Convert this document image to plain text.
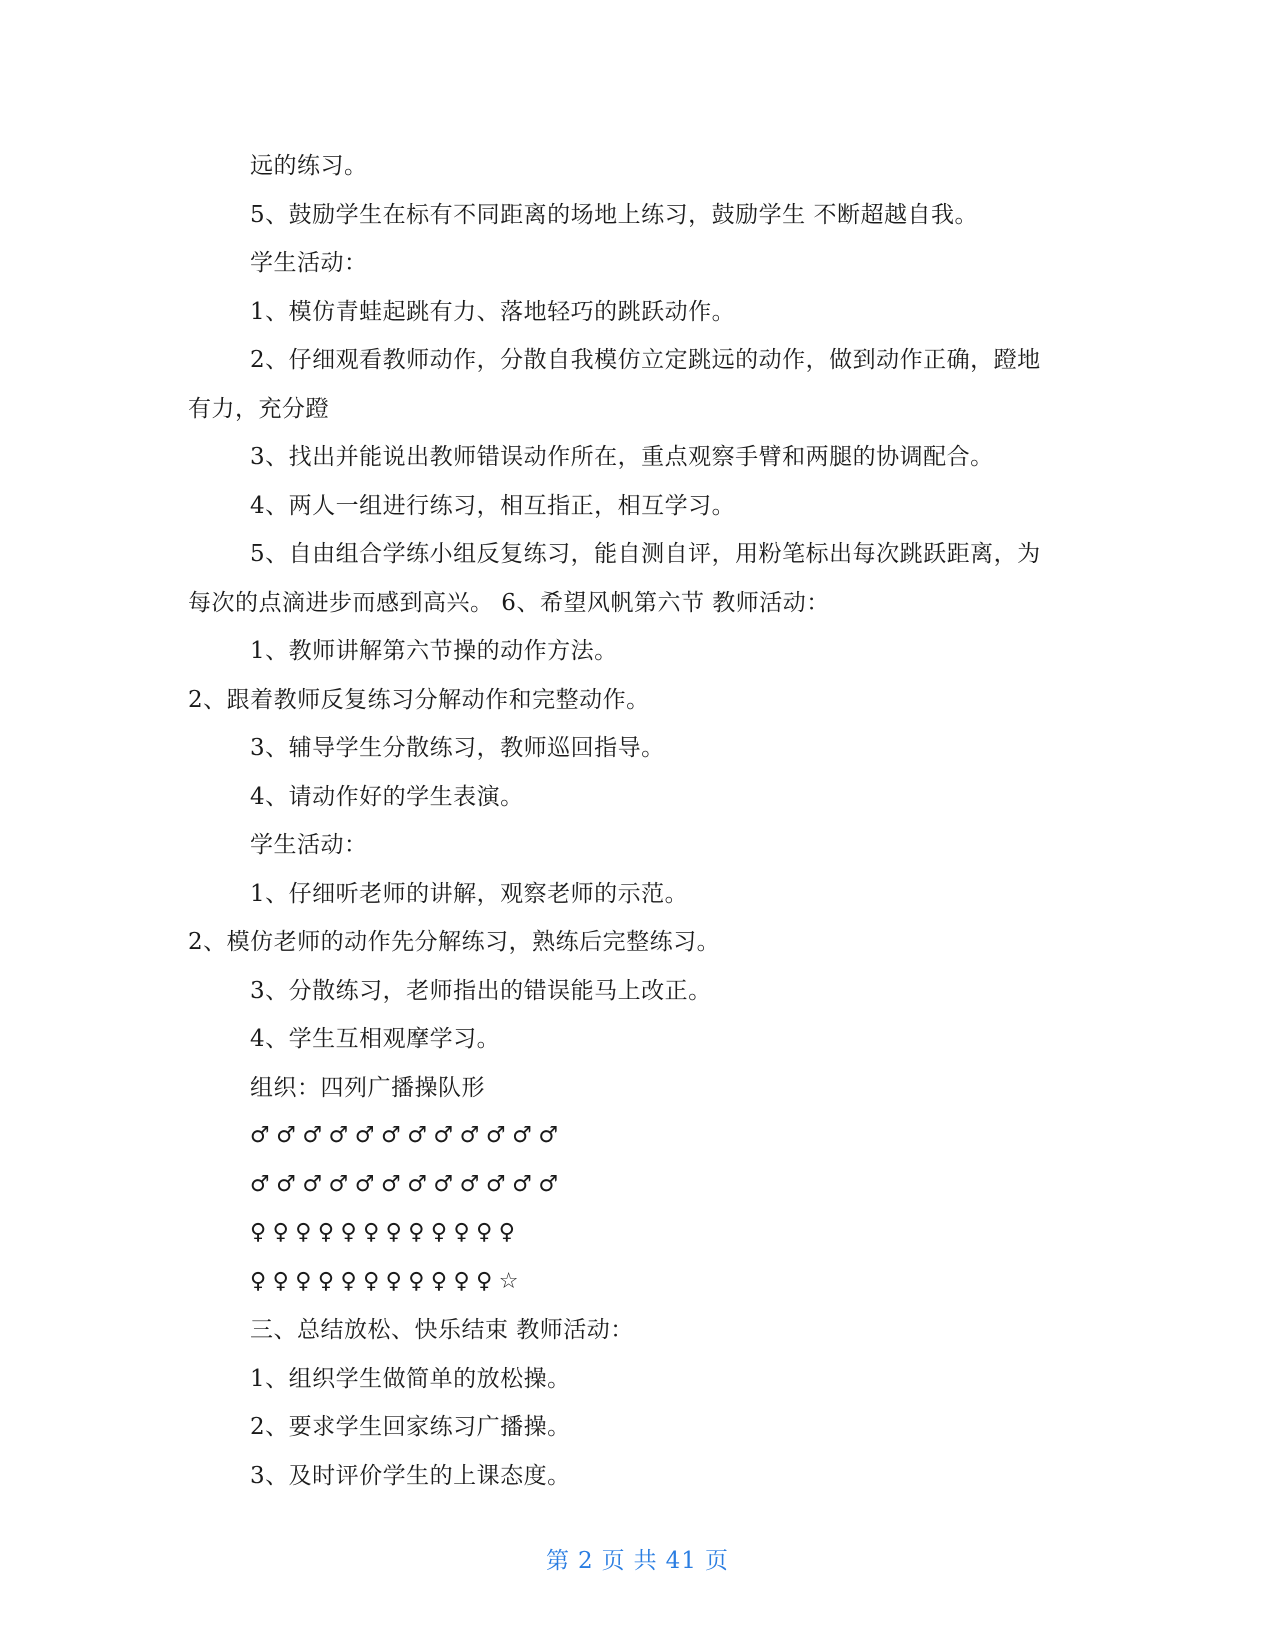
远的练习。
5、鼓励学生在标有不同距离的场地上练习，鼓励学生 不断超越自我。
学生活动：
1、模仿青蛙起跳有力、落地轻巧的跳跃动作。
2、仔细观看教师动作，分散自我模仿立定跳远的动作，做到动作正确，蹬地
有力，充分蹬
3、找出并能说出教师错误动作所在，重点观察手臂和两腿的协调配合。
4、两人一组进行练习，相互指正，相互学习。
5、自由组合学练小组反复练习，能自测自评，用粉笔标出每次跳跃距离，为
每次的点滴进步而感到高兴。 6、希望风帆第六节 教师活动：
1、教师讲解第六节操的动作方法。
2、跟着教师反复练习分解动作和完整动作。
3、辅导学生分散练习，教师巡回指导。
4、请动作好的学生表演。
学生活动：
1、仔细听老师的讲解，观察老师的示范。
2、模仿老师的动作先分解练习，熟练后完整练习。
3、分散练习，老师指出的错误能马上改正。
4、学生互相观摩学习。
组织：四列广播操队形
♂♂♂♂♂♂♂♂♂♂♂♂
♂♂♂♂♂♂♂♂♂♂♂♂
♀♀♀♀♀♀♀♀♀♀♀♀
♀♀♀♀♀♀♀♀♀♀♀☆
三、总结放松、快乐结束 教师活动：
1、组织学生做简单的放松操。
2、要求学生回家练习广播操。
3、及时评价学生的上课态度。
第 2 页 共 41 页
